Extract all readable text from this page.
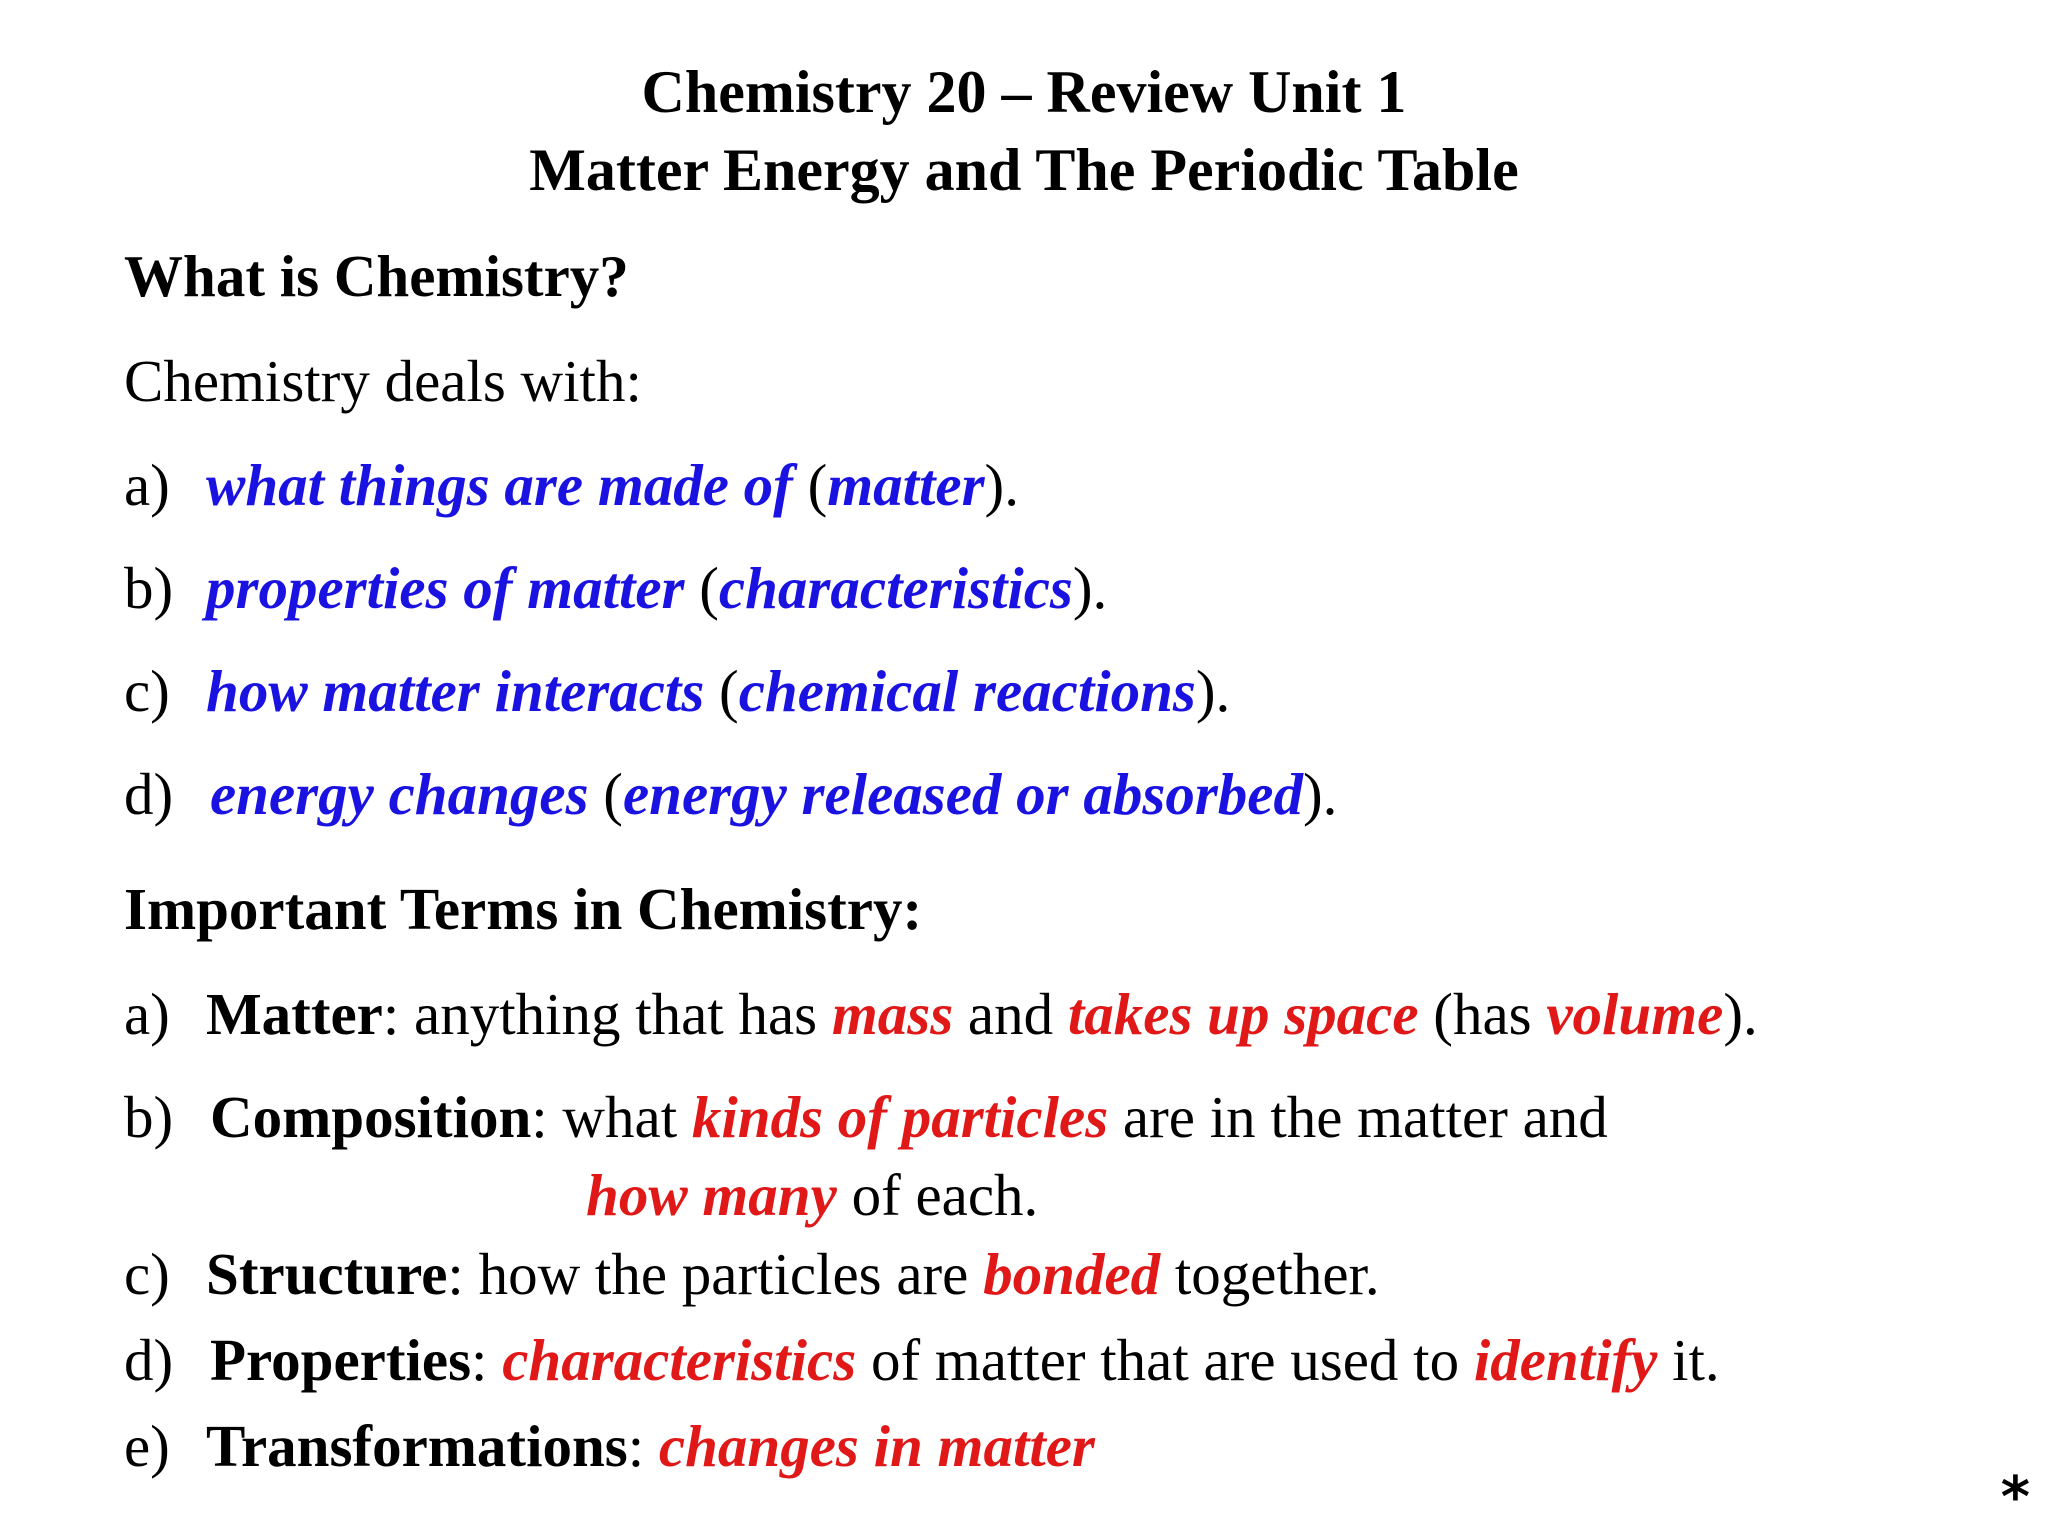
Chemistry 20 – Review Unit 1
Matter Energy and The Periodic Table
What is Chemistry?
Chemistry deals with:
a) what things are made of (matter).
b) properties of matter (characteristics).
c) how matter interacts (chemical reactions).
d) energy changes (energy released or absorbed).
Important Terms in Chemistry:
a) Matter: anything that has mass and takes up space (has volume).
b) Composition: what kinds of particles are in the matter and
how many of each.
c) Structure: how the particles are bonded together.
d) Properties: characteristics of matter that are used to identify it.
e) Transformations: changes in matter
*
